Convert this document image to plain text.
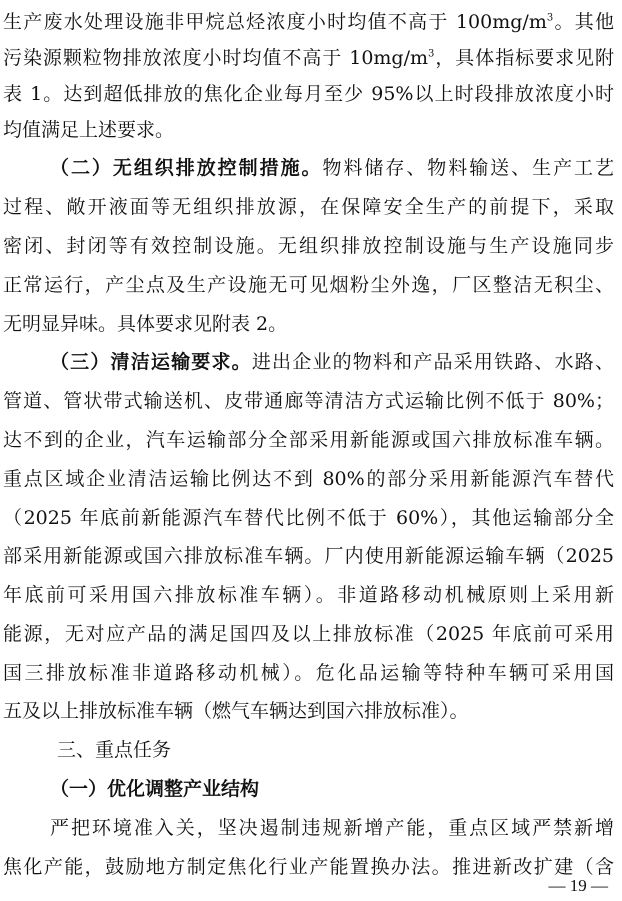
生产废水处理设施非甲烷总烃浓度小时均值不高于 $100mg/m^3$。其他
污染源颗粒物排放浓度小时均值不高于 $10mg/m^3$，具体指标要求见附
表 1。达到超低排放的焦化企业每月至少 95%以上时段排放浓度小时
均值满足上述要求。
（二）无组织排放控制措施。物料储存、物料输送、生产工艺
过程、敞开液面等无组织排放源，在保障安全生产的前提下，采取
密闭、封闭等有效控制设施。无组织排放控制设施与生产设施同步
正常运行，产尘点及生产设施无可见烟粉尘外逸，厂区整洁无积尘、
无明显异味。具体要求见附表 2。
（三）清洁运输要求。进出企业的物料和产品采用铁路、水路、
管道、管状带式输送机、皮带通廊等清洁方式运输比例不低于 80%；
达不到的企业，汽车运输部分全部采用新能源或国六排放标准车辆。
重点区域企业清洁运输比例达不到 80%的部分采用新能源汽车替代
（2025 年底前新能源汽车替代比例不低于 60%），其他运输部分全
部采用新能源或国六排放标准车辆。厂内使用新能源运输车辆（2025
年底前可采用国六排放标准车辆）。非道路移动机械原则上采用新
能源，无对应产品的满足国四及以上排放标准（2025 年底前可采用
国三排放标准非道路移动机械）。危化品运输等特种车辆可采用国
五及以上排放标准车辆（燃气车辆达到国六排放标准）。
三、重点任务
（一）优化调整产业结构
严把环境准入关，坚决遏制违规新增产能，重点区域严禁新增
焦化产能，鼓励地方制定焦化行业产能置换办法。推进新改扩建（含
— 19 —
